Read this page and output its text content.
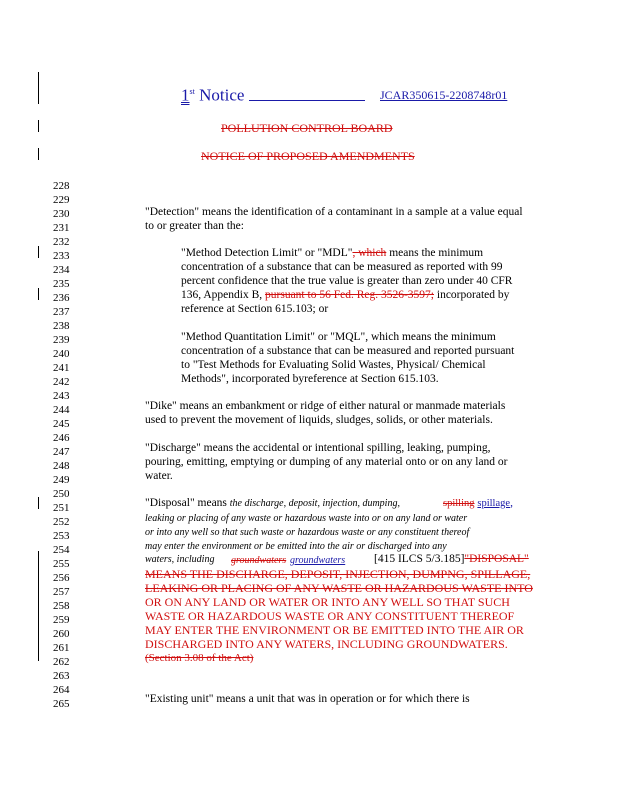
1st Notice	JCAR350615-2208748r01
POLLUTION CONTROL BOARD
NOTICE OF PROPOSED AMENDMENTS
228
229
230
231
232
233
234
235
236
237
238
239
240
241
242
243
244
245
246
247
248
249
250
251
252
253
254
255
256
257
258
259
260
261
262
263
264
265
"Detection" means the identification of a contaminant in a sample at a value equal
to or greater than the:
"Method Detection Limit" or "MDL", which means the minimum
concentration of a substance that can be measured as reported with 99
percent confidence that the true value is greater than zero under 40 CFR
136, Appendix B, pursuant to 56 Fed. Reg. 3526-3597; incorporated by
reference at Section 615.103; or
"Method Quantitation Limit" or "MQL", which means the minimum
concentration of a substance that can be measured and reported pursuant
to "Test Methods for Evaluating Solid Wastes, Physical/ Chemical
Methods", incorporated byreference at Section 615.103.
"Dike" means an embankment or ridge of either natural or manmade materials
used to prevent the movement of liquids, sludges, solids, or other materials.
"Discharge" means the accidental or intentional spilling, leaking, pumping,
pouring, emitting, emptying or dumping of any material onto or on any land or
water.
"Disposal" means the discharge, deposit, injection, dumping,	spilling spillage,
leaking or placing of any waste or hazardous waste into or on any land or water
or into any well so that such waste or hazardous waste or any constituent thereof
may enter the environment or be emitted into the air or discharged into any
waters, including groundwaters groundwaters	[415 ILCS 5/3.185]"DISPOSAL"
MEANS THE DISCHARGE, DEPOSIT, INJECTION, DUMPNG, SPILLAGE,
LEAKING OR PLACING OF ANY WASTE OR HAZARDOUS WASTE INTO
OR ON ANY LAND OR WATER OR INTO ANY WELL SO THAT SUCH
WASTE OR HAZARDOUS WASTE OR ANY CONSTITUENT THEREOF
MAY ENTER THE ENVIRONMENT OR BE EMITTED INTO THE AIR OR
DISCHARGED INTO ANY WATERS, INCLUDING GROUNDWATERS.
(Section 3.08 of the Act)
"Existing unit" means a unit that was in operation or for which there is
